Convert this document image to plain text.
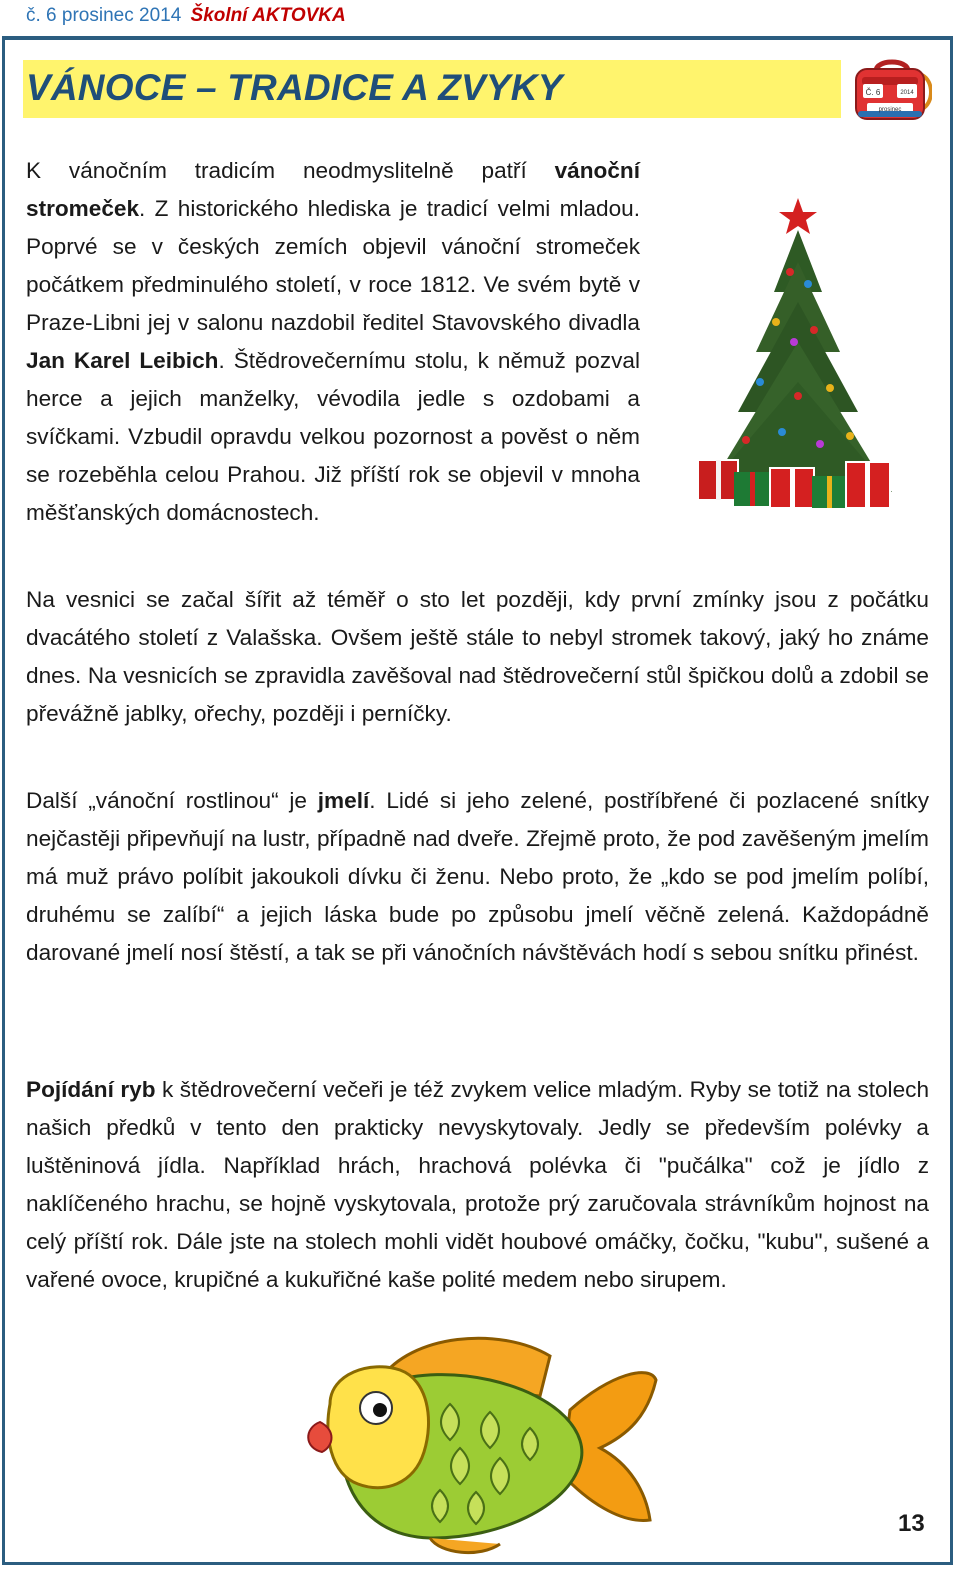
č. 6 prosinec 2014 Školní AKTOVKA
VÁNOCE – TRADICE A ZVYKY	Č. 6	2014
prosinec

K vánočním tradicím neodmyslitelně patří vánoční stromeček. Z historického hlediska je tradicí velmi mladou. Poprvé se v českých zemích objevil vánoční stromeček počátkem předminulého století, v roce 1812. Ve svém bytě v Praze-Libni jej v salonu nazdobil ředitel Stavovského divadla Jan Karel Leibich. Štědrovečernímu stolu, k němuž pozval herce a jejich manželky, vévodila jedle s ozdobami a svíčkami. Vzbudil opravdu velkou pozornost a pověst o něm se rozeběhla celou Prahou. Již příští rok se objevil v mnoha měšťanských domácnostech.

Na vesnici se začal šířit až téměř o sto let později, kdy první zmínky jsou z počátku dvacátého století z Valašska. Ovšem ještě stále to nebyl stromek takový, jaký ho známe dnes. Na vesnicích se zpravidla zavěšoval nad štědrovečerní stůl špičkou dolů a zdobil se převážně jablky, ořechy, později i perníčky.

Další „vánoční rostlinou“ je jmelí. Lidé si jeho zelené, postříbřené či pozlacené snítky nejčastěji připevňují na lustr, případně nad dveře. Zřejmě proto, že pod zavěšeným jmelím má muž právo políbit jakoukoli dívku či ženu. Nebo proto, že „kdo se pod jmelím políbí, druhému se zalíbí“ a jejich láska bude po způsobu jmelí věčně zelená. Každopádně darované jmelí nosí štěstí, a tak se při vánočních návštěvách hodí s sebou snítku přinést.

Pojídání ryb k štědrovečerní večeři je též zvykem velice mladým. Ryby se totiž na stolech našich předků v tento den prakticky nevyskytovaly. Jedly se především polévky a luštěninová jídla. Například hrách, hrachová polévka či "pučálka" což je jídlo z naklíčeného hrachu, se hojně vyskytovala, protože prý zaručovala strávníkům hojnost na celý příští rok. Dále jste na stolech mohli vidět houbové omáčky, čočku, "kubu", sušené a vařené ovoce, krupičné a kukuřičné kaše polité medem nebo sirupem.

13
